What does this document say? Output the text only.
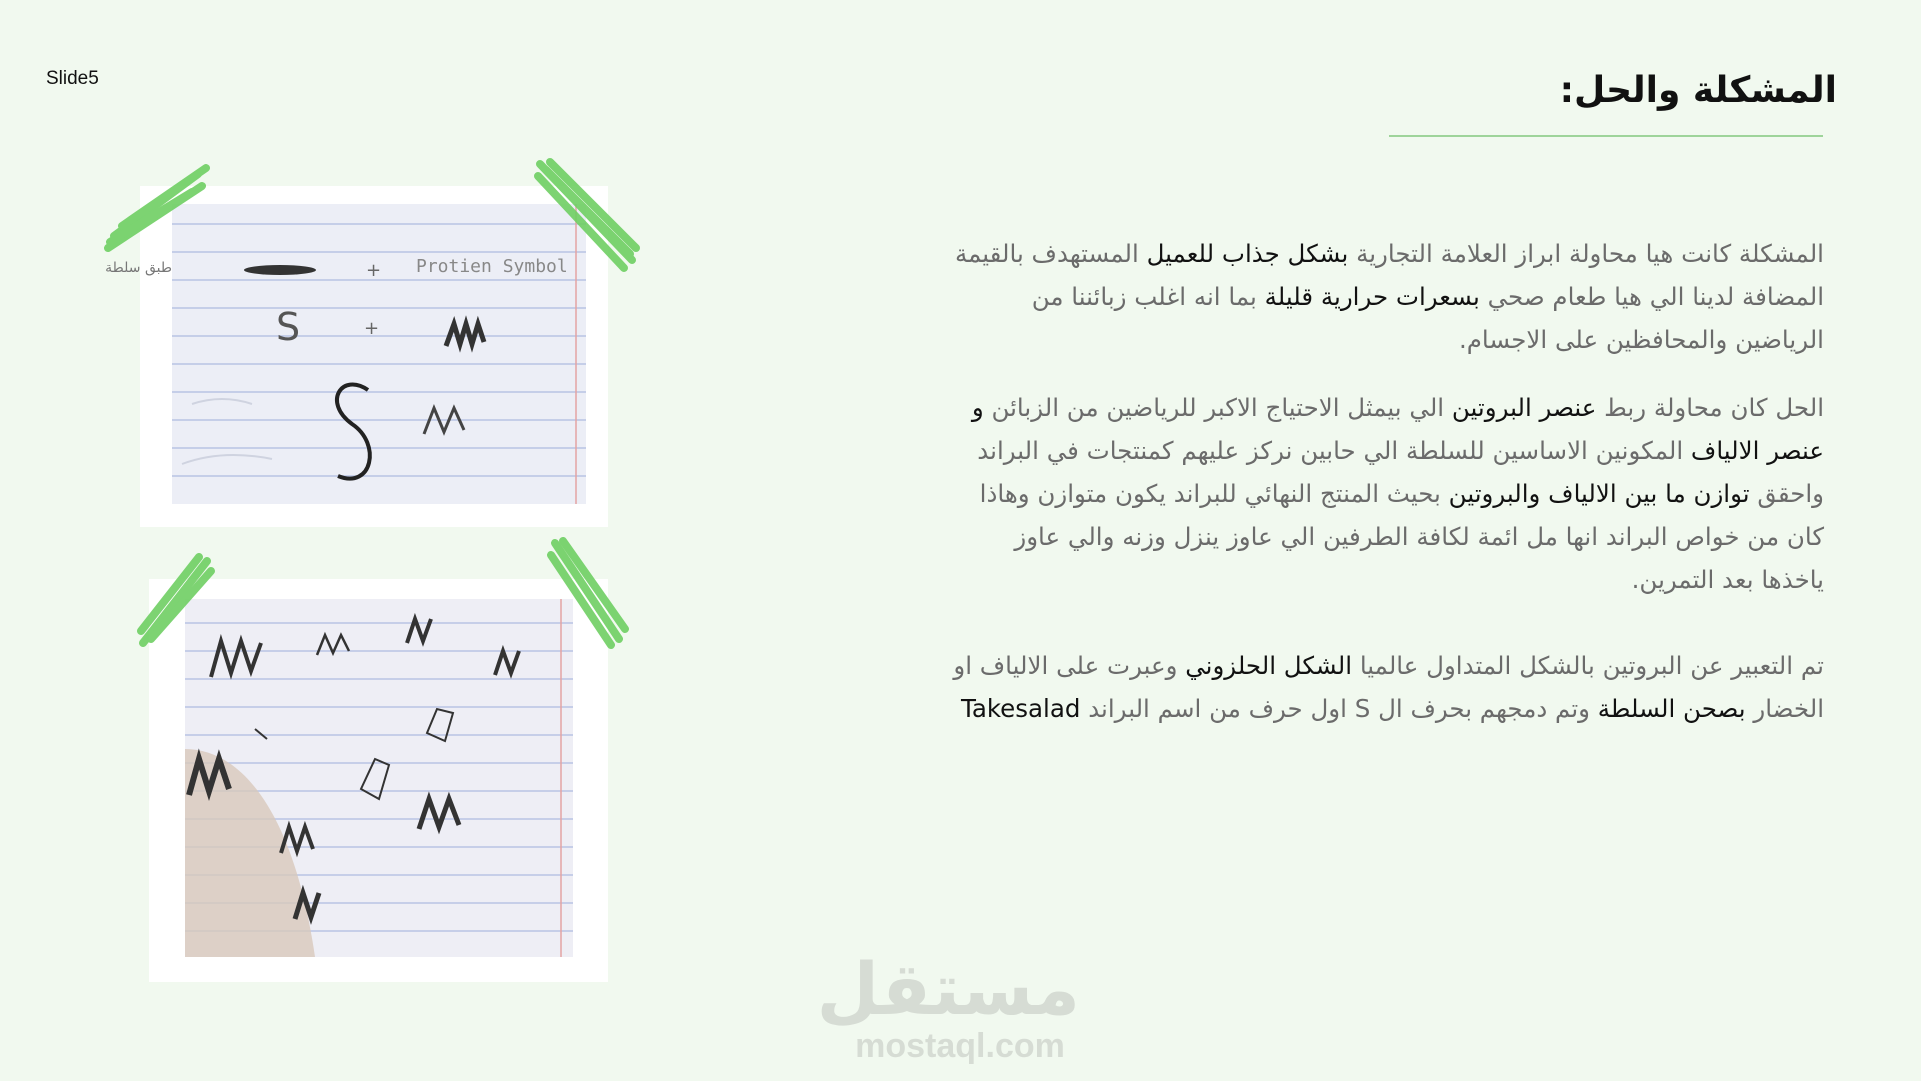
Slide5	المشكلة والحل:

المشكلة كانت هيا محاولة ابراز العلامة التجارية بشكل جذاب للعميل المستهدف بالقيمة المضافة لدينا الي هيا طعام صحي بسعرات حرارية قليلة بما انه اغلب زبائننا من الرياضين والمحافظين على الاجسام.

الحل كان محاولة ربط عنصر البروتين الي بيمثل الاحتياج الاكبر للرياضين من الزبائن و عنصر الالياف المكونين الاساسين للسلطة الي حابين نركز عليهم كمنتجات في البراند واحقق توازن ما بين الالياف والبروتين بحيث المنتج النهائي للبراند يكون متوازن وهاذا كان من خواص البراند انها مل ائمة لكافة الطرفين الي عاوز ينزل وزنه والي عاوز ياخذها بعد التمرين.

تم التعبير عن البروتين بالشكل المتداول عالميا الشكل الحلزوني وعبرت على الالياف او الخضار بصحن السلطة وتم دمجهم بحرف ال S اول حرف من اسم البراند Takesalad

طبق سلطة	+ Protien Symbol
S	+
مستقل
mostaql.com
